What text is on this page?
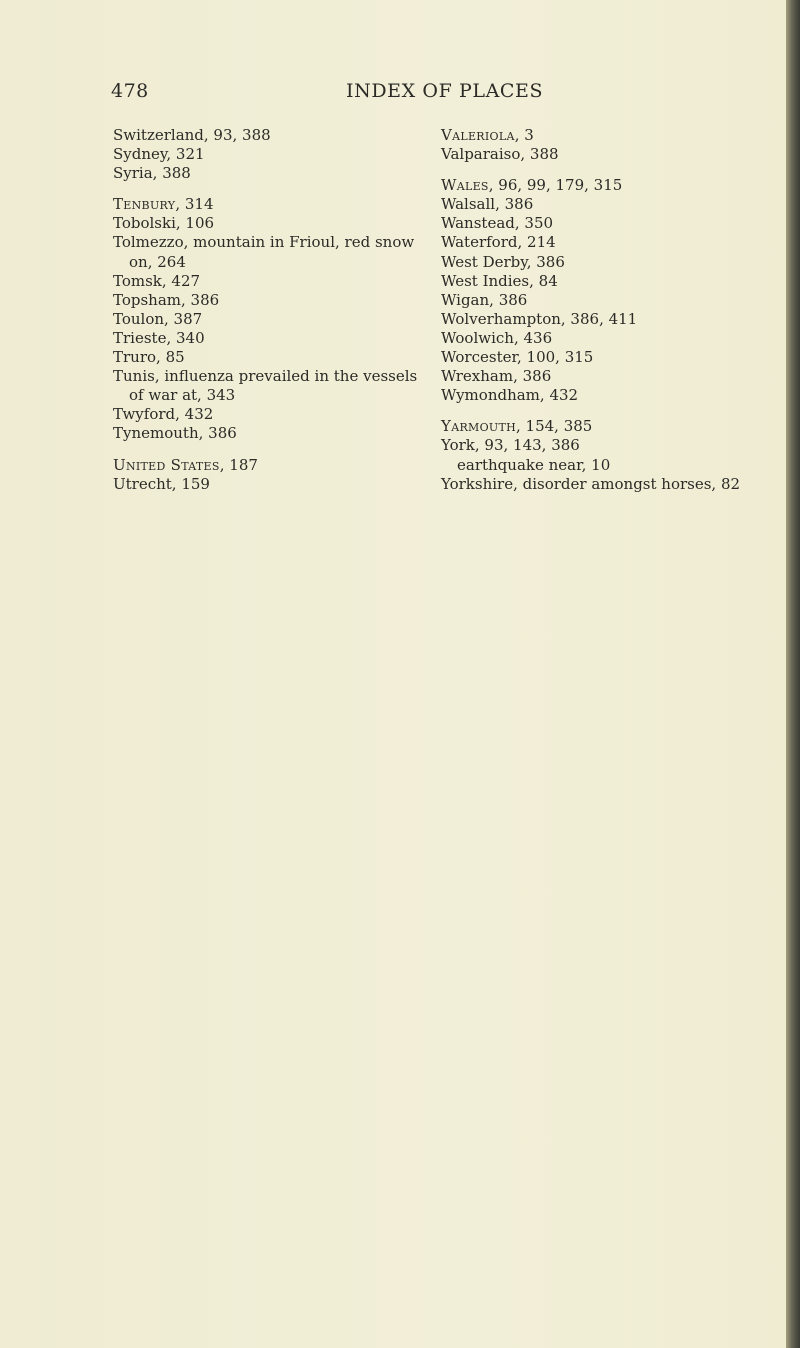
478	INDEX OF PLACES
Switzerland, 93, 388
Sydney, 321
Syria, 388
Tenbury, 314
Tobolski, 106
Tolmezzo, mountain in Frioul, red snow
on, 264
Tomsk, 427
Topsham, 386
Toulon, 387
Trieste, 340
Truro, 85
Tunis, influenza prevailed in the vessels
of war at, 343
Twyford, 432
Tynemouth, 386
United States, 187
Utrecht, 159
Valeriola, 3
Valparaiso, 388
Wales, 96, 99, 179, 315
Walsall, 386
Wanstead, 350
Waterford, 214
West Derby, 386
West Indies, 84
Wigan, 386
Wolverhampton, 386, 411
Woolwich, 436
Worcester, 100, 315
Wrexham, 386
Wymondham, 432
Yarmouth, 154, 385
York, 93, 143, 386
earthquake near, 10
Yorkshire, disorder amongst horses, 82
